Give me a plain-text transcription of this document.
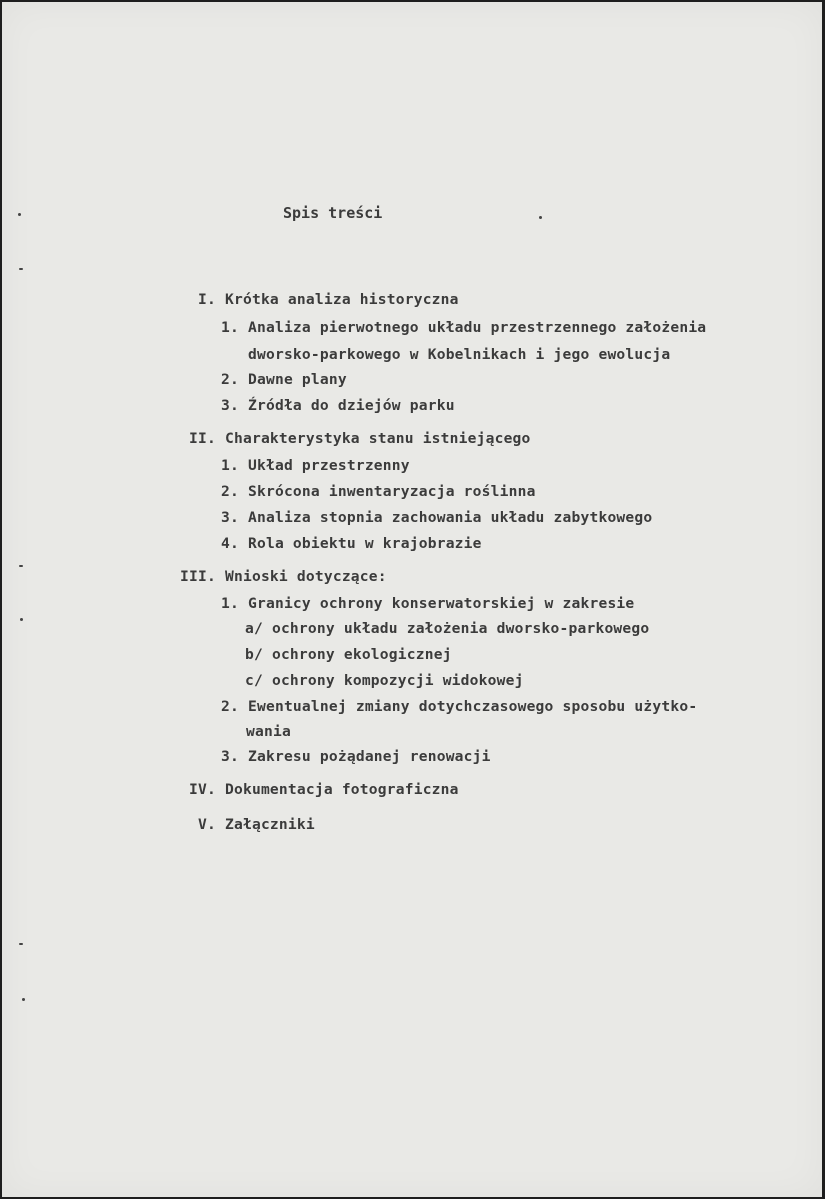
Spis treści
I. Krótka analiza historyczna
1. Analiza pierwotnego układu przestrzennego założenia
dworsko-parkowego w Kobelnikach i jego ewolucja
2. Dawne plany
3. Źródła do dziejów parku
II. Charakterystyka stanu istniejącego
1. Układ przestrzenny
2. Skrócona inwentaryzacja roślinna
3. Analiza stopnia zachowania układu zabytkowego
4. Rola obiektu w krajobrazie
III. Wnioski dotyczące:
1. Granicy ochrony konserwatorskiej w zakresie
a/ ochrony układu założenia dworsko-parkowego
b/ ochrony ekologicznej
c/ ochrony kompozycji widokowej
2. Ewentualnej zmiany dotychczasowego sposobu użytko-
wania
3. Zakresu pożądanej renowacji
IV. Dokumentacja fotograficzna
V. Załączniki
